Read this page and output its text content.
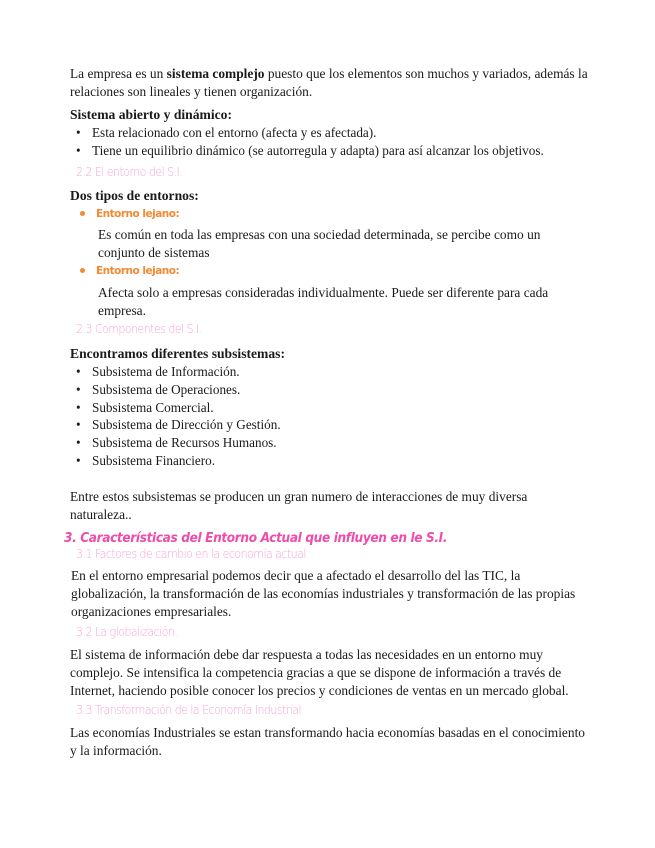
La empresa es un sistema complejo puesto que los elementos son muchos y variados, además la relaciones son lineales y tienen organización.

Sistema abierto y dinámico:

• Esta relacionado con el entorno (afecta y es afectada).
• Tiene un equilibrio dinámico (se autorregula y adapta) para así alcanzar los objetivos.
2.2 El entorno del S.I.

Dos tipos de entornos:

Entorno lejano:

Es común en toda las empresas con una sociedad determinada, se percibe como un conjunto de sistemas

Entorno lejano:

Afecta solo a empresas consideradas individualmente. Puede ser diferente para cada empresa.

2.3 Componentes del S.I.

Encontramos diferentes subsistemas:

• Subsistema de Información.
• Subsistema de Operaciones.
• Subsistema Comercial.
• Subsistema de Dirección y Gestión.
• Subsistema de Recursos Humanos.
• Subsistema Financiero.

Entre estos subsistemas se producen un gran numero de interacciones de muy diversa naturaleza..

3. Características del Entorno Actual que influyen en le S.I.
3.1 Factores de cambio en la economía actual

En el entorno empresarial podemos decir que a afectado el desarrollo del las TIC, la globalización, la transformación de las economías industriales y transformación de las propias organizaciones empresariales.

3.2 La globalización.

El sistema de información debe dar respuesta a todas las necesidades en un entorno muy complejo. Se intensifica la competencia gracias a que se dispone de información a través de Internet, haciendo posible conocer los precios y condiciones de ventas en un mercado global.

3.3 Transformación de la Economía Industrial

Las economías Industriales se estan transformando hacia economías basadas en el conocimiento y la información.
